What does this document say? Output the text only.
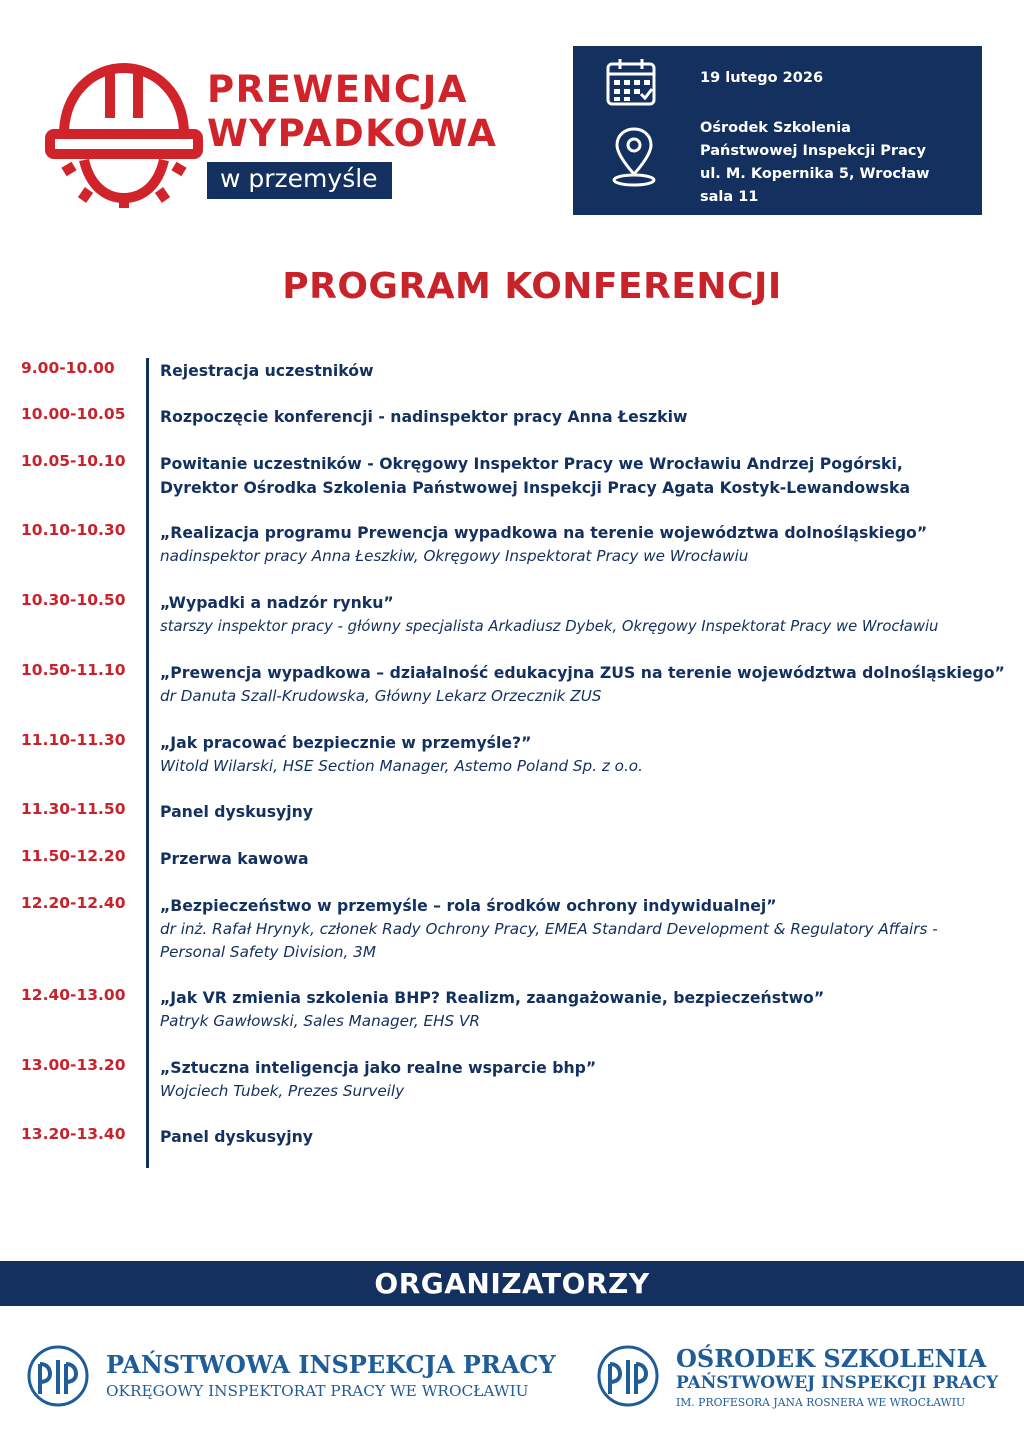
PREWENCJA
WYPADKOWA
w przemyśle
19 lutego 2026
Ośrodek Szkolenia
Państwowej Inspekcji Pracy
ul. M. Kopernika 5, Wrocław
sala 11
PROGRAM KONFERENCJI
9.00-10.00	Rejestracja uczestników
10.00-10.05 Rozpoczęcie konferencji - nadinspektor pracy Anna Łeszkiw
10.05-10.10 Powitanie uczestników - Okręgowy Inspektor Pracy we Wrocławiu Andrzej Pogórski,
Dyrektor Ośrodka Szkolenia Państwowej Inspekcji Pracy Agata Kostyk-Lewandowska
10.10-10.30 „Realizacja programu Prewencja wypadkowa na terenie województwa dolnośląskiego”
nadinspektor pracy Anna Łeszkiw, Okręgowy Inspektorat Pracy we Wrocławiu
10.30-10.50 „Wypadki a nadzór rynku”
starszy inspektor pracy - główny specjalista Arkadiusz Dybek, Okręgowy Inspektorat Pracy we Wrocławiu
10.50-11.10 „Prewencja wypadkowa – działalność edukacyjna ZUS na terenie województwa dolnośląskiego”
dr Danuta Szall-Krudowska, Główny Lekarz Orzecznik ZUS
11.10-11.30 „Jak pracować bezpiecznie w przemyśle?”
Witold Wilarski, HSE Section Manager, Astemo Poland Sp. z o.o.
11.30-11.50 Panel dyskusyjny
11.50-12.20 Przerwa kawowa
12.20-12.40 „Bezpieczeństwo w przemyśle – rola środków ochrony indywidualnej”
dr inż. Rafał Hrynyk, członek Rady Ochrony Pracy, EMEA Standard Development & Regulatory Affairs -
Personal Safety Division, 3M
12.40-13.00 „Jak VR zmienia szkolenia BHP? Realizm, zaangażowanie, bezpieczeństwo”
Patryk Gawłowski, Sales Manager, EHS VR
13.00-13.20 „Sztuczna inteligencja jako realne wsparcie bhp”
Wojciech Tubek, Prezes Surveily
13.20-13.40 Panel dyskusyjny
ORGANIZATORZY
PAŃSTWOWA INSPEKCJA PRACY
OKRĘGOWY INSPEKTORAT PRACY WE WROCŁAWIU
OŚRODEK SZKOLENIA
PAŃSTWOWEJ INSPEKCJI PRACY
IM. PROFESORA JANA ROSNERA WE WROCŁAWIU
